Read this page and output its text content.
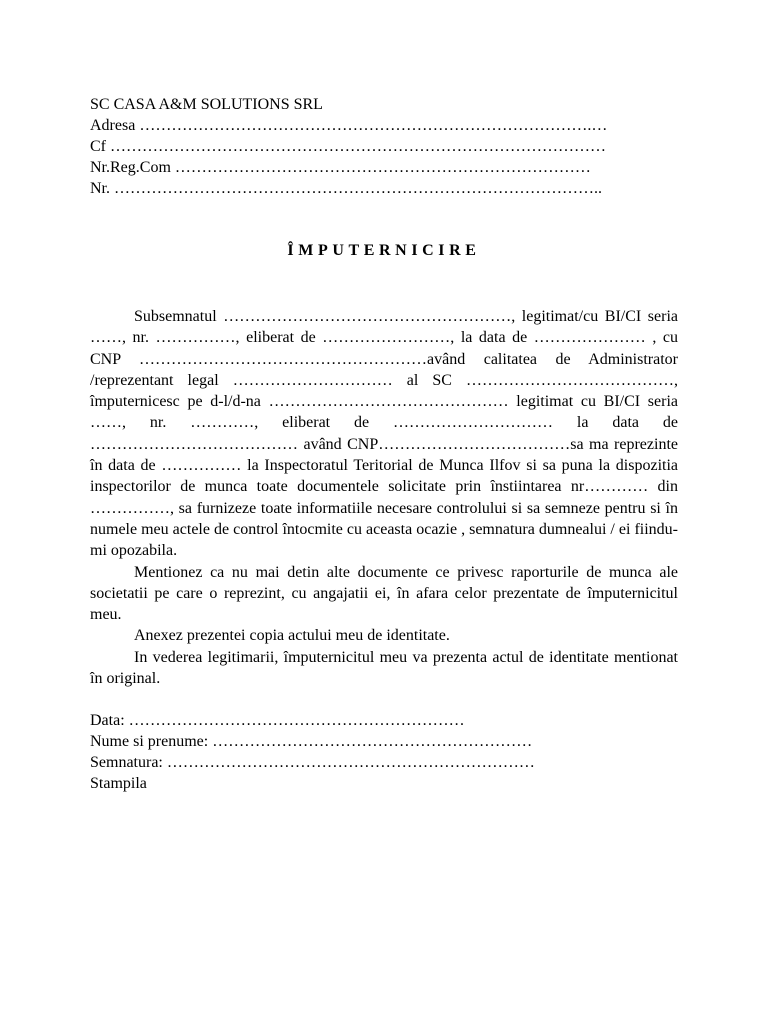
SC CASA A&M SOLUTIONS SRL
Adresa ………………………………………………………………………….…
Cf …………………………………………………………………………………
Nr.Reg.Com ……………………………………………………………………
Nr. ………………………………………………………………………………..
ÎMPUTERNICIRE

Subsemnatul ………………………………………………, legitimat/cu BI/CI seria ……, nr. ……………, eliberat de ……………………, la data de ………………… , cu CNP ………………………………………………având calitatea de Administrator /reprezentant legal ………………………… al SC …………………………………, împuternicesc pe d-l/d-na ……………………………………… legitimat cu BI/CI seria ……, nr. …………, eliberat de ………………………… la data de ………………………………… având CNP………………………………sa ma reprezinte în data de …………… la Inspectoratul Teritorial de Munca Ilfov si sa puna la dispozitia inspectorilor de munca toate documentele solicitate prin înstiintarea nr………… din ……………, sa furnizeze toate informatiile necesare controlului si sa semneze pentru si în numele meu actele de control întocmite cu aceasta ocazie , semnatura dumnealui / ei fiindu-mi opozabila.

Mentionez ca nu mai detin alte documente ce privesc raporturile de munca ale societatii pe care o reprezint, cu angajatii ei, în afara celor prezentate de împuternicitul meu.

Anexez prezentei copia actului meu de identitate.

In vederea legitimarii, împuternicitul meu va prezenta actul de identitate mentionat în original.

Data: ………………………………………………………
Nume si prenume: ……………………………………………………
Semnatura: ……………………………………………………………
Stampila
